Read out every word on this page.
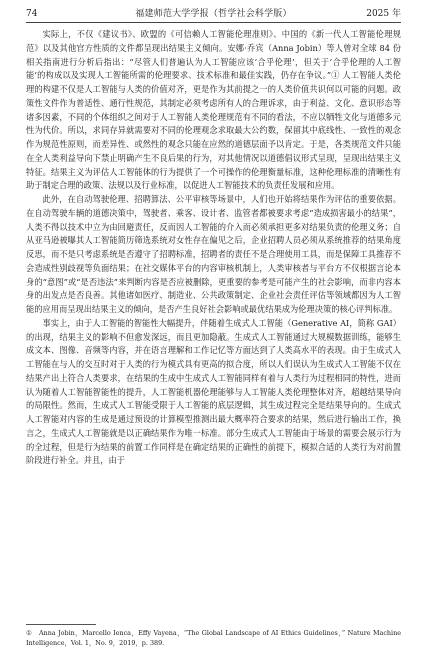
74	福建师范大学学报（哲学社会科学版）	2025 年

实际上，不仅《建议书》、欧盟的《可信赖人工智能伦理准则》、中国的《新一代人工智能伦理规范》以及其他官方性质的文件都呈现出结果主义倾向。安娜·乔宾（Anna Jobin）等人曾对全球 84 份相关指南进行分析后指出：“尽管人们普遍认为人工智能应该‘合乎伦理’，但关于‘合乎伦理的人工智能’的构成以及实现人工智能所需的伦理要求、技术标准和最佳实践，仍存在争议。”① 人工智能人类伦理的构建不仅是人工智能与人类的价值对齐，更是作为其前提之一的人类价值共识何以可能的问题。政策性文件作为普适性、通行性规范，其制定必须考虑所有人的合理诉求，由于利益、文化、意识形态等诸多因素，不同的个体组织之间对于人工智能人类伦理规范有不同的看法，不应以牺牲文化与道德多元性为代价。所以，求同存异就需要对不同的伦理观念求取最大公约数，保留其中底线性、一致性的观念作为规范性原则，而差异性、或然性的观念只能在应然的道德层面予以肯定。于是，各类规范文件只能在全人类利益导向下禁止明确产生不良后果的行为，对其他情况以道德倡议形式呈现，呈现出结果主义特征。结果主义为评估人工智能体的行为提供了一个可操作的伦理衡量标准，这种伦理标准的清晰性有助于制定合理的政策、法规以及行业标准，以促进人工智能技术的负责任发展和应用。

此外，在自动驾驶伦理、招聘算法、公平审核等场景中，人们也开始将结果作为评估的重要依据。在自动驾驶车辆的道德决策中，驾驶者、乘客、设计者、监管者都被要求考虑“造成损害最小的结果”，人类不得以技术中立为由回避责任，反而因人工智能的介入而必须承担更多对结果负责的伦理义务；自从亚马逊被曝其人工智能简历筛选系统对女性存在偏见之后，企业招聘人员必须从系统推荐的结果角度反思，而不是只考虑系统是否遵守了招聘标准，招聘者的责任不是合理使用工具，而是保障工具推荐不会造成性别歧视等负面结果；在社交媒体平台的内容审核机制上，人类审核者与平台方不仅根据言论本身的“意图”或“是否违法”来判断内容是否应被删除，更重要的参考是可能产生的社会影响，而非内容本身的出发点是否良善。其他诸如医疗、制造业、公共政策制定、企业社会责任评估等领域都因为人工智能的应用而呈现出结果主义的倾向，是否产生良好社会影响或最优结果成为伦理决策的核心评判标准。

事实上，由于人工智能的智能性大幅提升，伴随着生成式人工智能（Generative AI，简称 GAI）的出现，结果主义的影响不但愈发深远，而且更加隐蔽。生成式人工智能通过大规模数据训练，能够生成文本、图像、音频等内容，并在语言理解和工作记忆等方面达到了人类高水平的表现。由于生成式人工智能在与人的交互时对于人类的行为模式具有更高的拟合度，所以人们误认为生成式人工智能不仅在结果产出上符合人类要求，在结果的生成中生成式人工智能同样有着与人类行为过程相同的特性，进而认为随着人工智能智能性的提升，人工智能机器伦理能够与人工智能人类伦理整体对齐，超越结果导向的局限性。然而，生成式人工智能受限于人工智能的底层逻辑，其生成过程完全是结果导向的。生成式人工智能对内容的生成是通过预设的计算模型推测出最大概率符合要求的结果，然后进行输出工作，换言之，生成式人工智能就是以正确结果作为唯一标准。部分生成式人工智能由于场景的需要会展示行为的全过程，但是行为结果的前置工作同样是在确定结果的正确性的前提下，模拟合适的人类行为对前置阶段进行补全。并且，由于

①　Anna Jobin，Marcello Ienca，Effy Vayena，“The Global Landscape of AI Ethics Guidelines，” Nature Machine Intelligence，Vol. 1，No. 9，2019，p. 389.
